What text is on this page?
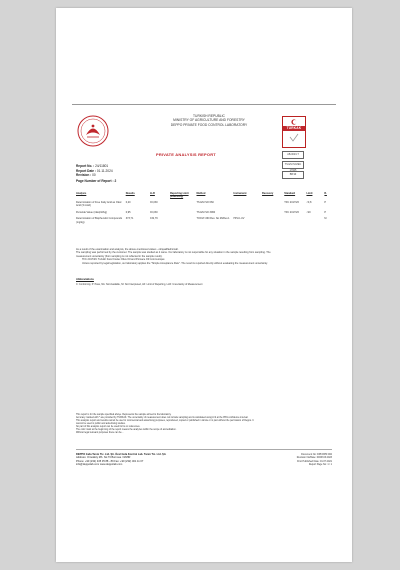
TURKISH REPUBLIC
MINISTRY OF AGRICULTURE AND FORESTRY
DEPPO PRIVATE FOOD CONTROL LABORATORY
TÜRKAK
AB-0023-T
TS EN ISO/IEC 17025
BB.99
PRIVATE ANALYSIS REPORT
Report No. : 24/11801
Report Date : 01.11.2024
Revision : 00
Page Number of Report : 2
Analysis	Results	LLR	Reporting Limit (LOR/LOQ)	Method	Instrument	Recovery	Standard	Limit	R.
Determination of Free Fatty Acid as Oleic Acid (% Acid)	0,20	±0,030		TS EN ISO 660			TFC 2017/26	<0,8	P
Peroxide Value (mEqO2/kg)	0,95	±0,030		TS EN ISO 3960			TFC 2017/26	<20	P
Determination of Biophenolic Compounds (mg/kg)	373,71	±32,79		TOOLT-360 Rev. No 26/Rev.1	HPLC-UV				M
As a result of the examination and analysis, the above-mentioned values - ok/qualified/small.
The sampling was performed by the customer. The sample was studied as it came. Our laboratory is not responsible for any situation in the sample resulting from sampling. The
measurement uncertainty (from sampling is not reflected in the sample result).
TFC 2017/26: Turkish Food Codex Olive Oil and Pomace Oil Communiqué
Unless reported by legal legislation, our laboratory applies the "Simple Acceptance Rule". The result is reported directly without evaluating the measurement uncertainty.
Abbreviations
C: Conformity, P: Pass, NA: Not Available, NI: Not Interpreted, LR: Limit of Reporting, LLR: Uncertainty of Measurement
This report is for the sample specified above. Represents the sample arrived to the laboratory.
Accuracy marked with * are provided by TÜRKAK. The uncertainty of measurement does not include sampling and is calculated using k=2 at the 95% confidence interval.
This analysis report and results cannot be use for commercial and advertising purposes, reproduced, copied or published in whole or in part without the permission of Deppo. It
cannot be used in public and advertising studies.
No part of this analysis report can be used forms or references.
The color mark at the beginning of the report means the analyzes within the scope of accreditation.
Without legal relevant purposes there can be...
DEPPO Gıda Tarım Tic. Ltd. Şti. Özel Gıda Kontrol Lab. Tarım Tic. Ltd. Şti.
Address: Ornekköy Mh. No:73 Bornova / IZMIR
Phone: +90 (232) 435 35 88 - 89 Fax: +90 (232) 461 11 07
info@deppolab.com www.deppolab.com
Document No: DPF.RPR.002
Revision No/Date: 00/08.03.2023
First Published Date: 01.07.2021
Report Page No: 1 / 1
